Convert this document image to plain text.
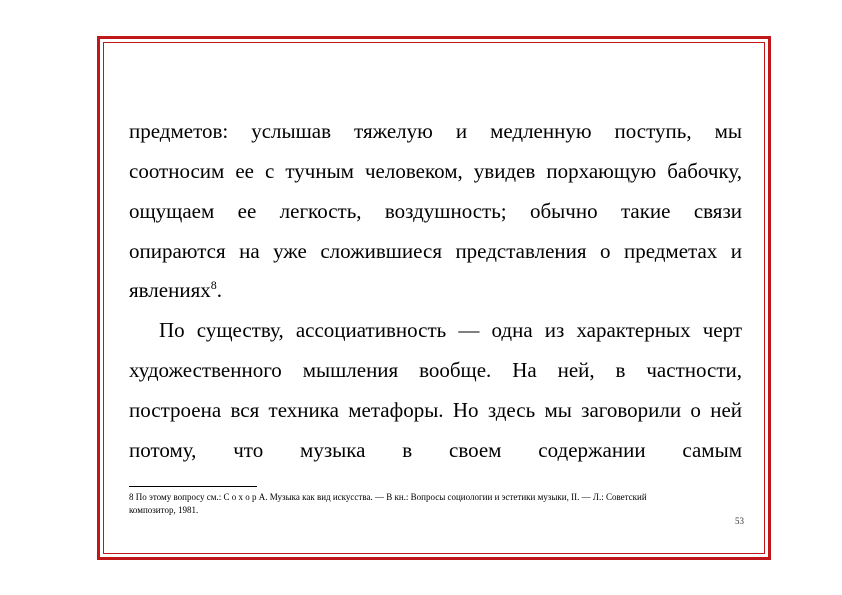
предметов: услышав тяжелую и медленную поступь, мы
соотносим ее с тучным человеком, увидев порхающую бабочку,
ощущаем ее легкость, воздушность; обычно такие связи
опираются на уже сложившиеся представления о предметах и
явлениях$^8$.
По существу, ассоциативность — одна из характерных черт
художественного мышления вообще. На ней, в частности,
построена вся техника метафоры. Но здесь мы заговорили о ней
потому, что музыка в своем содержании самым
8 По этому вопросу см.: С о х о р А. Музыка как вид искусства. — В кн.: Вопросы социологии и эстетики музыки, II. — Л.: Советский
композитор, 1981.
53
